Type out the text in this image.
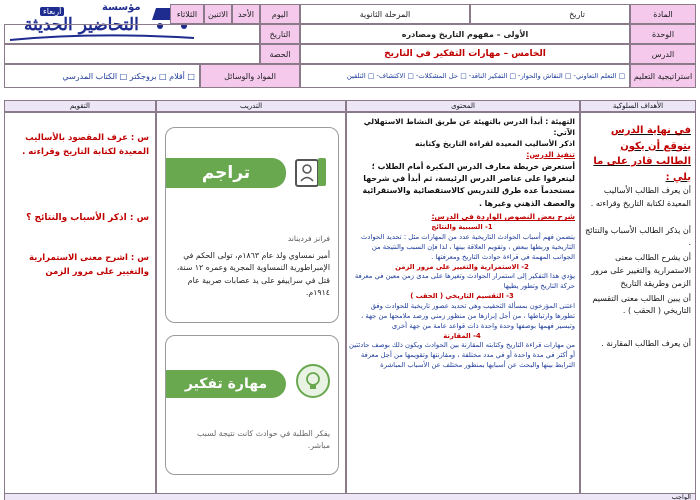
أربعاء	مؤسسة
التحاضير الحديثة
المادة
تاريخ
المرحلة الثانوية
اليوم
الأحد
الاثنين
الثلاثاء
الوحدة
الأولى – مفهوم التاريخ ومصادره
التاريخ
الدرس
الخامس – مهارات التفكير في التاريخ
الحصة
استراتيجية التعليم
□ التعلم التعاوني- □ النقاش والحوار- □ التفكير الناقد- □ حل المشكلات- □ الاكتشاف- □ التلقين
المواد والوسائل
□ أقلام □ بروجكتر □ الكتاب المدرسي
الأهداف السلوكية
المحتوى
التدريب
التقويم
في نهاية الدرس يتوقع أن يكون الطالب قادر على ما يلي :

أن يعرف الطالب الأساليب المعيدة لكتابة التاريخ وقراءته .

أن يذكر الطالب الأسباب والنتائج .

أن يشرح الطالب معنى الاستمرارية والتغيير على مرور الزمن وطريقة التاريخ

أن يبين الطالب معنى التقسيم التاريخي ( الحقب ) .

أن يعرف الطالب المقارنة .

التهيئة : أبدأ الدرس بالتهيئة عن طريق النشاط الاستهلالي الآتي:

اذكر الأساليب المعيدة لقراءة التاريخ وكتابته

تنفيذ الدرس:

أستعرض خريطة معارف الدرس المكبرة أمام الطلاب ؛ ليتعرفوا على عناصر الدرس الرئيسة، ثم أبدأ في شرحها مستخدماً عدة طرق للتدريس كالاستقصائية والاستقرائية والعصف الذهني وغيرها .

شرح بعض النصوص الواردة في الدرس:

1- السببية والنتائج

يتضمن فهم أسباب الحوادث التاريخية عدد من المهارات مثل : تحديد الحوادث التاريخية وربطها ببعض ، وتقويم العلاقة بينها ، لذا فإن السبب والنتيجة من الجوانب المهمة في قراءة حوادث التاريخ ومعرفتها .

2- الاستمرارية والتغيير على مرور الزمن

يؤدي هذا التفكير إلى استمرار الحوادث وتغيرها على مدى زمن معين في معرفة حركة التاريخ وتطور يطيها

3- التقسيم التاريخي ( الحقب )

اعتنى المؤرخون بمسألة التحقيب وهي تحديد عصور تاريخية للحوادث وفق تطورها وارتباطها ، من أجل إبرازها من منظور زمني ورصد ملامحها من جهة ، وتبسير فهمها بوصفها وحدة واحدة ذات قواعد عامة من جهة أخرى

4- المقارنة

من مهارات قراءة التاريخ وكتابته المقارنة بين الحوادث ويكون ذلك بوصف حادثتين أو أكثر في مدة واحدة أو في مدد مختلفة ، ومقارنتها وتقويمها من أجل معرفة الترابط بينها والبحث عن أسبابها بمنظور مختلف عن الأسباب المباشرة

تراجم
فرانز فرديناند
أمير نمساوي ولد عام ١٨٦٣م، تولى الحكم في الإمبراطورية النمساوية المجرية وعمره ١٢ سنة، قتل في سراييفو على يد عصابات صربية عام ١٩١٤م.
مهارة تفكير
يفكر الطلبة في حوادث كانت نتيجة لسبب مباشر.
س : عرف المقصود بالأساليب المعيدة لكتابة التاريخ وقراءته .
س : اذكر الأسباب والنتائج ؟
س : اشرح معنى الاستمرارية والتغيير على مرور الزمن
الواجب
